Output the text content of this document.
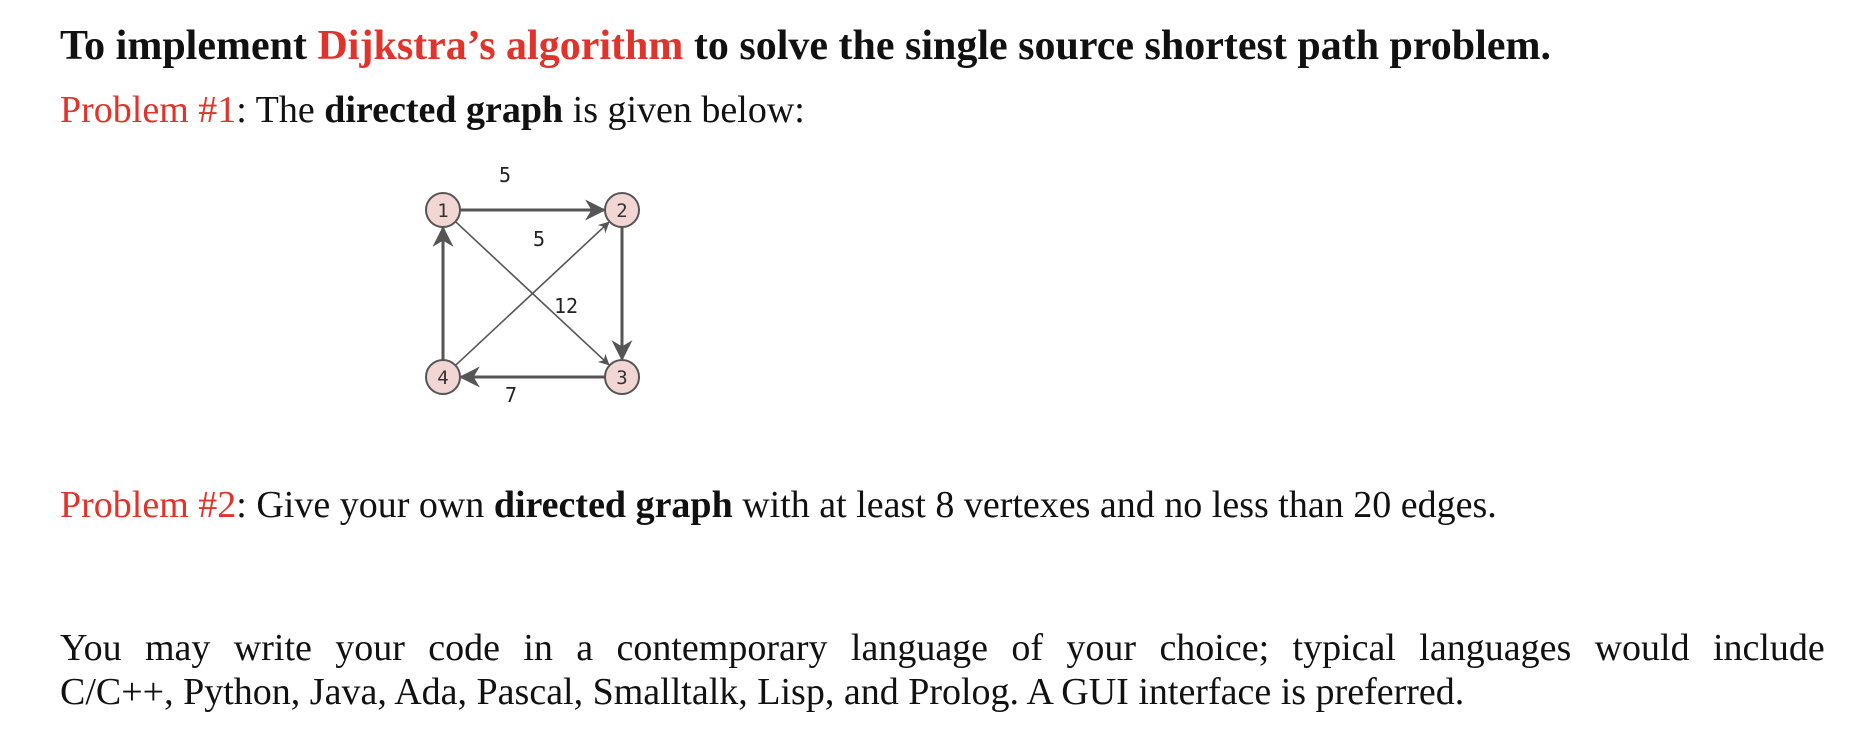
To implement Dijkstra’s algorithm to solve the single source shortest path problem.
Problem #1: The directed graph is given below:
5
5
12
7
1	2
3
4
Problem #2: Give your own directed graph with at least 8 vertexes and no less than 20 edges.
You may write your code in a contemporary language of your choice; typical languages would include
C/C++, Python, Java, Ada, Pascal, Smalltalk, Lisp, and Prolog. A GUI interface is preferred.
